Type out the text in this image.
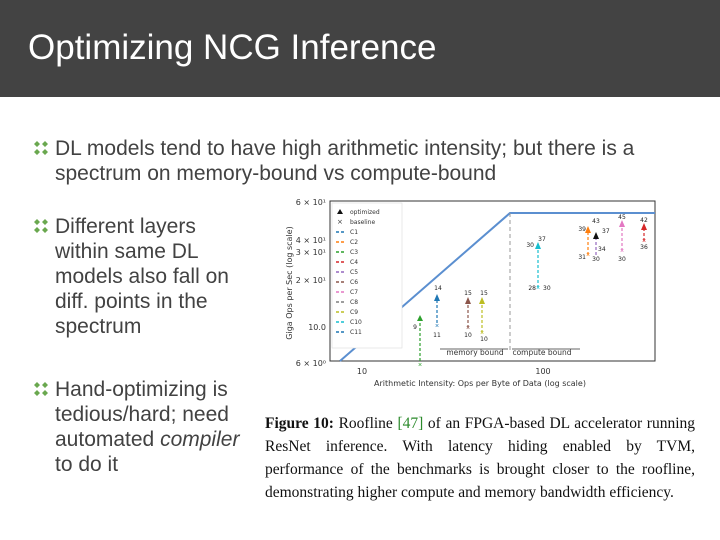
Optimizing NCG Inference
DL models tend to have high arithmetic intensity; but there is a spectrum on memory-bound vs compute-bound
Different layers within same DL models also fall on diff. points in the spectrum
Hand-optimizing is tedious/hard; need automated compiler to do it
6 × 10¹
4 × 10¹
3 × 10¹
2 × 10¹
10.0
6 × 10⁰
Giga Ops per Sec (log scale)
10	100
Arithmetic Intensity: Ops per Byte of Data (log scale)
memory bound compute bound
optimized
× baseline
C1
C2
C3
C4
C5
C6
C7
C8
C9
C10
C11
×
9	×
11
14
×
15
10 ×
15
10
×
37
30
28 30
×
39
31
43
37
34
30
×
45
30
×
42
36
Figure 10: Roofline [47] of an FPGA-based DL accelerator running ResNet inference. With latency hiding enabled by TVM, performance of the benchmarks is brought closer to the roofline, demonstrating higher compute and memory bandwidth efficiency.
